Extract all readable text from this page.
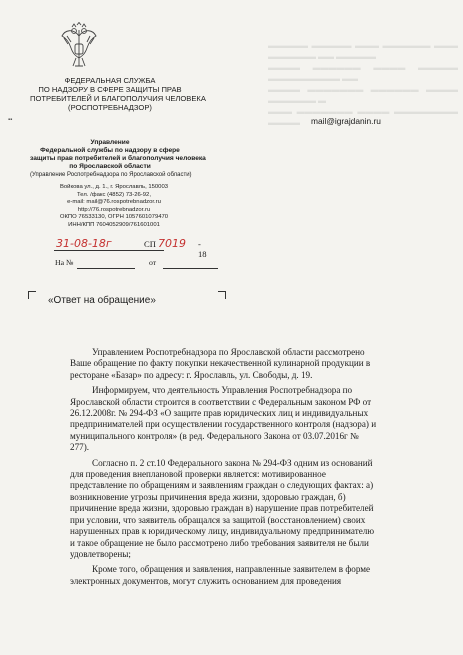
▬▬▬▬▬ ▬▬▬▬▬ ▬▬▬ ▬▬▬▬▬▬ ▬▬▬ ▬▬▬▬▬▬ ▬▬ ▬▬▬▬▬
▬▬▬▬ ▬▬▬▬▬▬ ▬▬▬▬ ▬▬▬▬▬ ▬▬▬▬▬▬▬▬▬ ▬▬
▬▬▬▬ ▬▬▬▬▬▬▬ ▬▬▬▬▬▬ ▬▬▬▬ ▬▬▬▬▬▬ ▬
▬▬▬ ▬▬▬▬▬▬▬ ▬▬▬▬ ▬▬▬▬▬▬▬▬ ▬▬▬▬
▪▪
ФЕДЕРАЛЬНАЯ СЛУЖБА
ПО НАДЗОРУ В СФЕРЕ ЗАЩИТЫ ПРАВ
ПОТРЕБИТЕЛЕЙ И БЛАГОПОЛУЧИЯ ЧЕЛОВЕКА
(РОСПОТРЕБНАДЗОР)
Управление
Федеральной службы по надзору в сфере
защиты прав потребителей и благополучия человека
по Ярославской области
(Управление Роспотребнадзора по Ярославской области)
Войкова ул., д. 1., г. Ярославль, 150003
Тел. /факс (4852) 73-26-92,
e-mail: mail@76.rospotrebnadzor.ru
http://76.rospotrebnadzor.ru
ОКПО 76533130, ОГРН 1057601079470
ИНН/КПП 7604052909/761601001
mail@igrajdanin.ru
31-08-18г	СП 7019 - 18
На №	от
«Ответ на обращение»

Управлением Роспотребнадзора по Ярославской области рассмотрено
Ваше обращение по факту покупки некачественной кулинарной продукции в
ресторане «Базар» по адресу: г. Ярославль, ул. Свободы, д. 19.

Информируем, что деятельность Управления Роспотребнадзора по
Ярославской области строится в соответствии с Федеральным законом РФ от
26.12.2008г. № 294-ФЗ «О защите прав юридических лиц и индивидуальных
предпринимателей при осуществлении государственного контроля (надзора) и
муниципального контроля» (в ред. Федерального Закона от 03.07.2016г №
277).

Согласно п. 2 ст.10 Федерального закона № 294-ФЗ одним из оснований
для проведения внеплановой проверки является: мотивированное
представление по обращениям и заявлениям граждан о следующих фактах: а)
возникновение угрозы причинения вреда жизни, здоровью граждан, б)
причинение вреда жизни, здоровью граждан в) нарушение прав потребителей
при условии, что заявитель обращался за защитой (восстановлением) своих
нарушенных прав к юридическому лицу, индивидуальному предпринимателю
и такое обращение не было рассмотрено либо требования заявителя не были
удовлетворены;

Кроме того, обращения и заявления, направленные заявителем в форме
электронных документов, могут служить основанием для проведения
